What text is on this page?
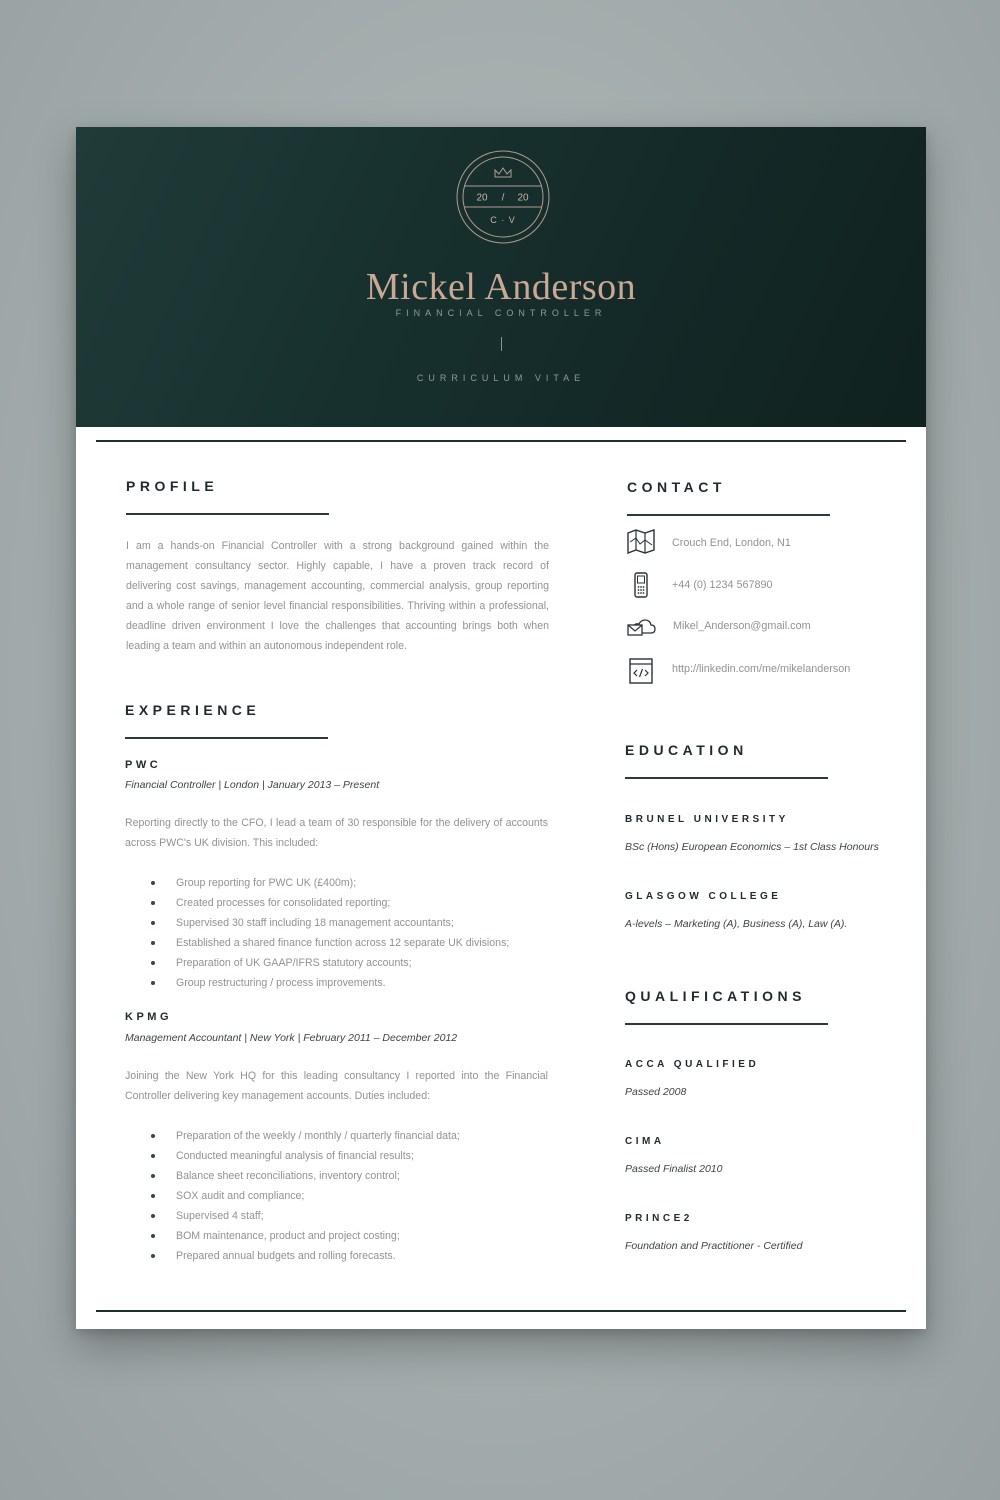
20 / 20
C · V
Mickel Anderson
FINANCIAL CONTROLLER
CURRICULUM VITAE
PROFILE

I am a hands-on Financial Controller with a strong background gained within the management consultancy sector. Highly capable, I have a proven track record of delivering cost savings, management accounting, commercial analysis, group reporting and a whole range of senior level financial responsibilities. Thriving within a professional, deadline driven environment I love the challenges that accounting brings both when leading a team and within an autonomous independent role.

EXPERIENCE
PWC
Financial Controller | London | January 2013 – Present

Reporting directly to the CFO, I lead a team of 30 responsible for the delivery of accounts across PWC's UK division. This included:

Group reporting for PWC UK (£400m);
Created processes for consolidated reporting;
Supervised 30 staff including 18 management accountants;
Established a shared finance function across 12 separate UK divisions;
Preparation of UK GAAP/IFRS statutory accounts;
Group restructuring / process improvements.
KPMG
Management Accountant | New York | February 2011 – December 2012

Joining the New York HQ for this leading consultancy I reported into the Financial Controller delivering key management accounts. Duties included:

Preparation of the weekly / monthly / quarterly financial data;
Conducted meaningful analysis of financial results;
Balance sheet reconciliations, inventory control;
SOX audit and compliance;
Supervised 4 staff;
BOM maintenance, product and project costing;
Prepared annual budgets and rolling forecasts.
CONTACT
Crouch End, London, N1
+44 (0) 1234 567890
Mikel_Anderson@gmail.com
http://linkedin.com/me/mikelanderson
EDUCATION
BRUNEL UNIVERSITY
BSc (Hons) European Economics – 1st Class Honours
GLASGOW COLLEGE
A-levels – Marketing (A), Business (A), Law (A).
QUALIFICATIONS
ACCA QUALIFIED
Passed 2008
CIMA
Passed Finalist 2010
PRINCE2
Foundation and Practitioner - Certified
